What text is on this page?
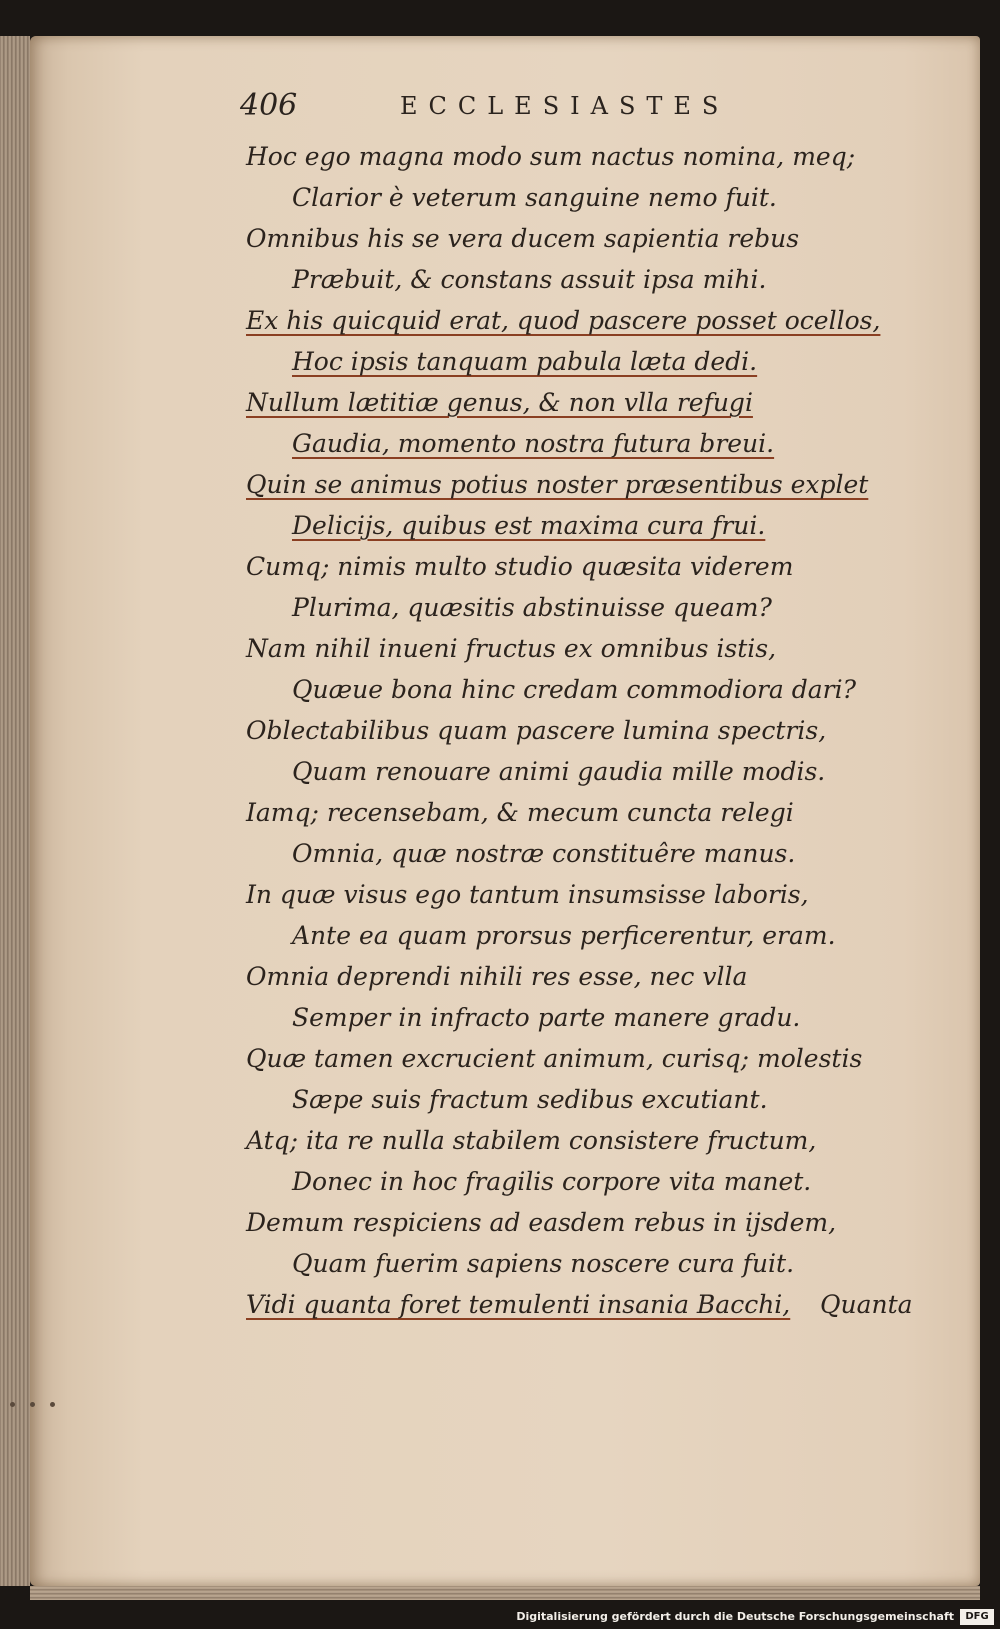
406	ECCLESIASTES
Hoc ego magna modo sum nactus nomina, meq;
Clarior è veterum sanguine nemo fuit.
Omnibus his se vera ducem sapientia rebus
Præbuit, & constans assuit ipsa mihi.
Ex his quicquid erat, quod pascere posset ocellos,
Hoc ipsis tanquam pabula læta dedi.
Nullum lætitiæ genus, & non vlla refugi
Gaudia, momento nostra futura breui.
Quin se animus potius noster præsentibus explet
Delicijs, quibus est maxima cura frui.
Cumq; nimis multo studio quæsita viderem
Plurima, quæsitis abstinuisse queam?
Nam nihil inueni fructus ex omnibus istis,
Quæue bona hinc credam commodiora dari?
Oblectabilibus quam pascere lumina spectris,
Quam renouare animi gaudia mille modis.
Iamq; recensebam, & mecum cuncta relegi
Omnia, quæ nostræ constituêre manus.
In quæ visus ego tantum insumsisse laboris,
Ante ea quam prorsus perficerentur, eram.
Omnia deprendi nihili res esse, nec vlla
Semper in infracto parte manere gradu.
Quæ tamen excrucient animum, curisq; molestis
Sæpe suis fractum sedibus excutiant.
Atq; ita re nulla stabilem consistere fructum,
Donec in hoc fragilis corpore vita manet.
Demum respiciens ad easdem rebus in ijsdem,
Quam fuerim sapiens noscere cura fuit.
Vidi quanta foret temulenti insania Bacchi,	Quanta
Digitalisierung gefördert durch die Deutsche Forschungsgemeinschaft	DFG
